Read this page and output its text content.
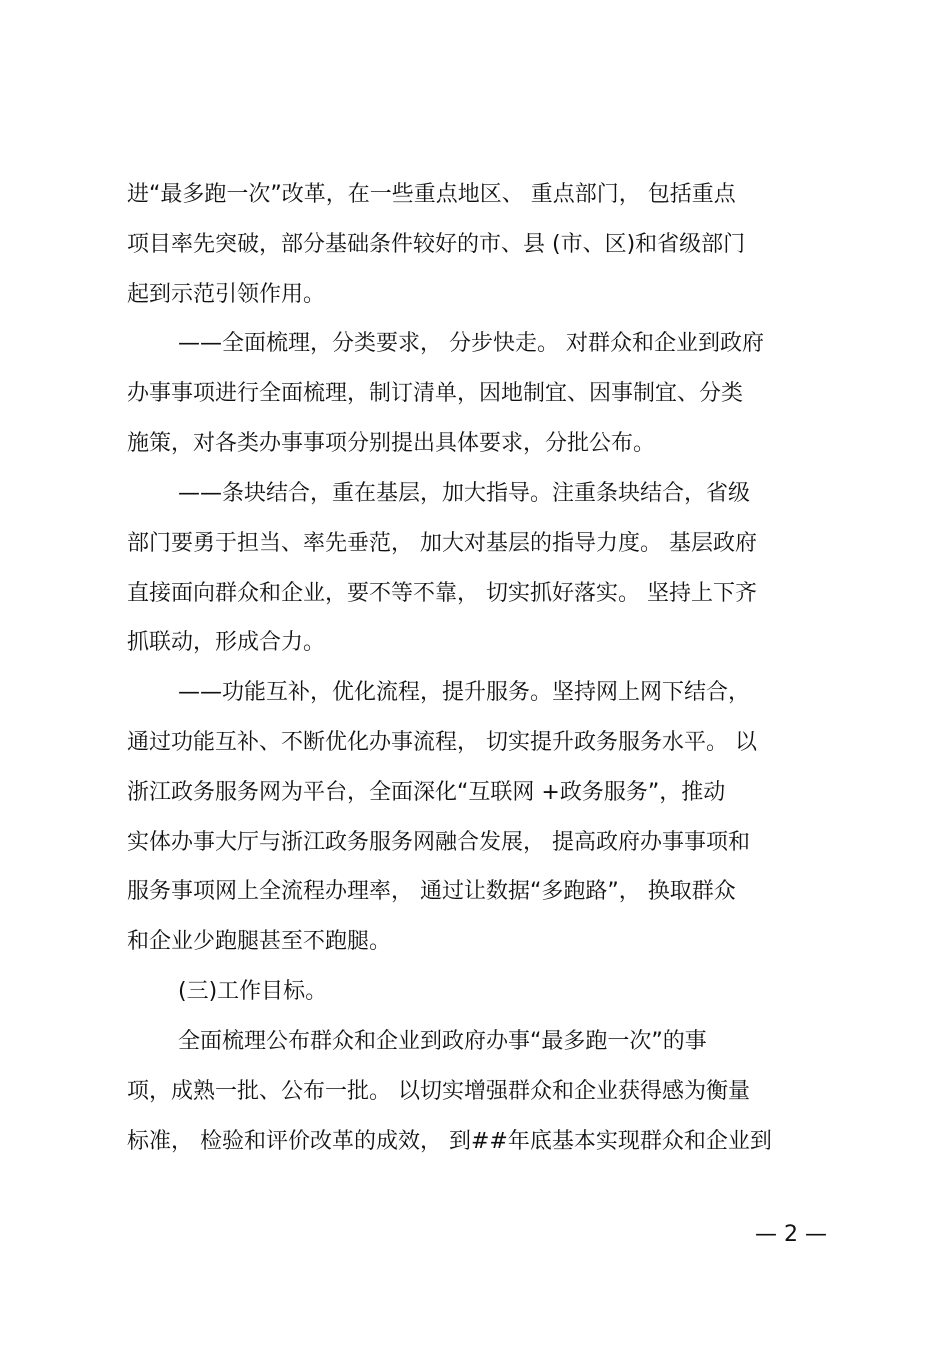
进“最多跑一次”改革，在一些重点地区、 重点部门， 包括重点
项目率先突破，部分基础条件较好的市、县 (市、区)和省级部门
起到示范引领作用。
——全面梳理，分类要求， 分步快走。 对群众和企业到政府
办事事项进行全面梳理，制订清单，因地制宜、因事制宜、分类
施策，对各类办事事项分别提出具体要求，分批公布。
——条块结合，重在基层，加大指导。注重条块结合，省级
部门要勇于担当、率先垂范， 加大对基层的指导力度。 基层政府
直接面向群众和企业，要不等不靠， 切实抓好落实。 坚持上下齐
抓联动，形成合力。
——功能互补，优化流程，提升服务。坚持网上网下结合，
通过功能互补、不断优化办事流程， 切实提升政务服务水平。 以
浙江政务服务网为平台，全面深化“互联网 +政务服务”，推动
实体办事大厅与浙江政务服务网融合发展， 提高政府办事事项和
服务事项网上全流程办理率， 通过让数据“多跑路”， 换取群众
和企业少跑腿甚至不跑腿。
(三)工作目标。
全面梳理公布群众和企业到政府办事“最多跑一次”的事
项，成熟一批、公布一批。 以切实增强群众和企业获得感为衡量
标准， 检验和评价改革的成效， 到##年底基本实现群众和企业到
— 2 —
